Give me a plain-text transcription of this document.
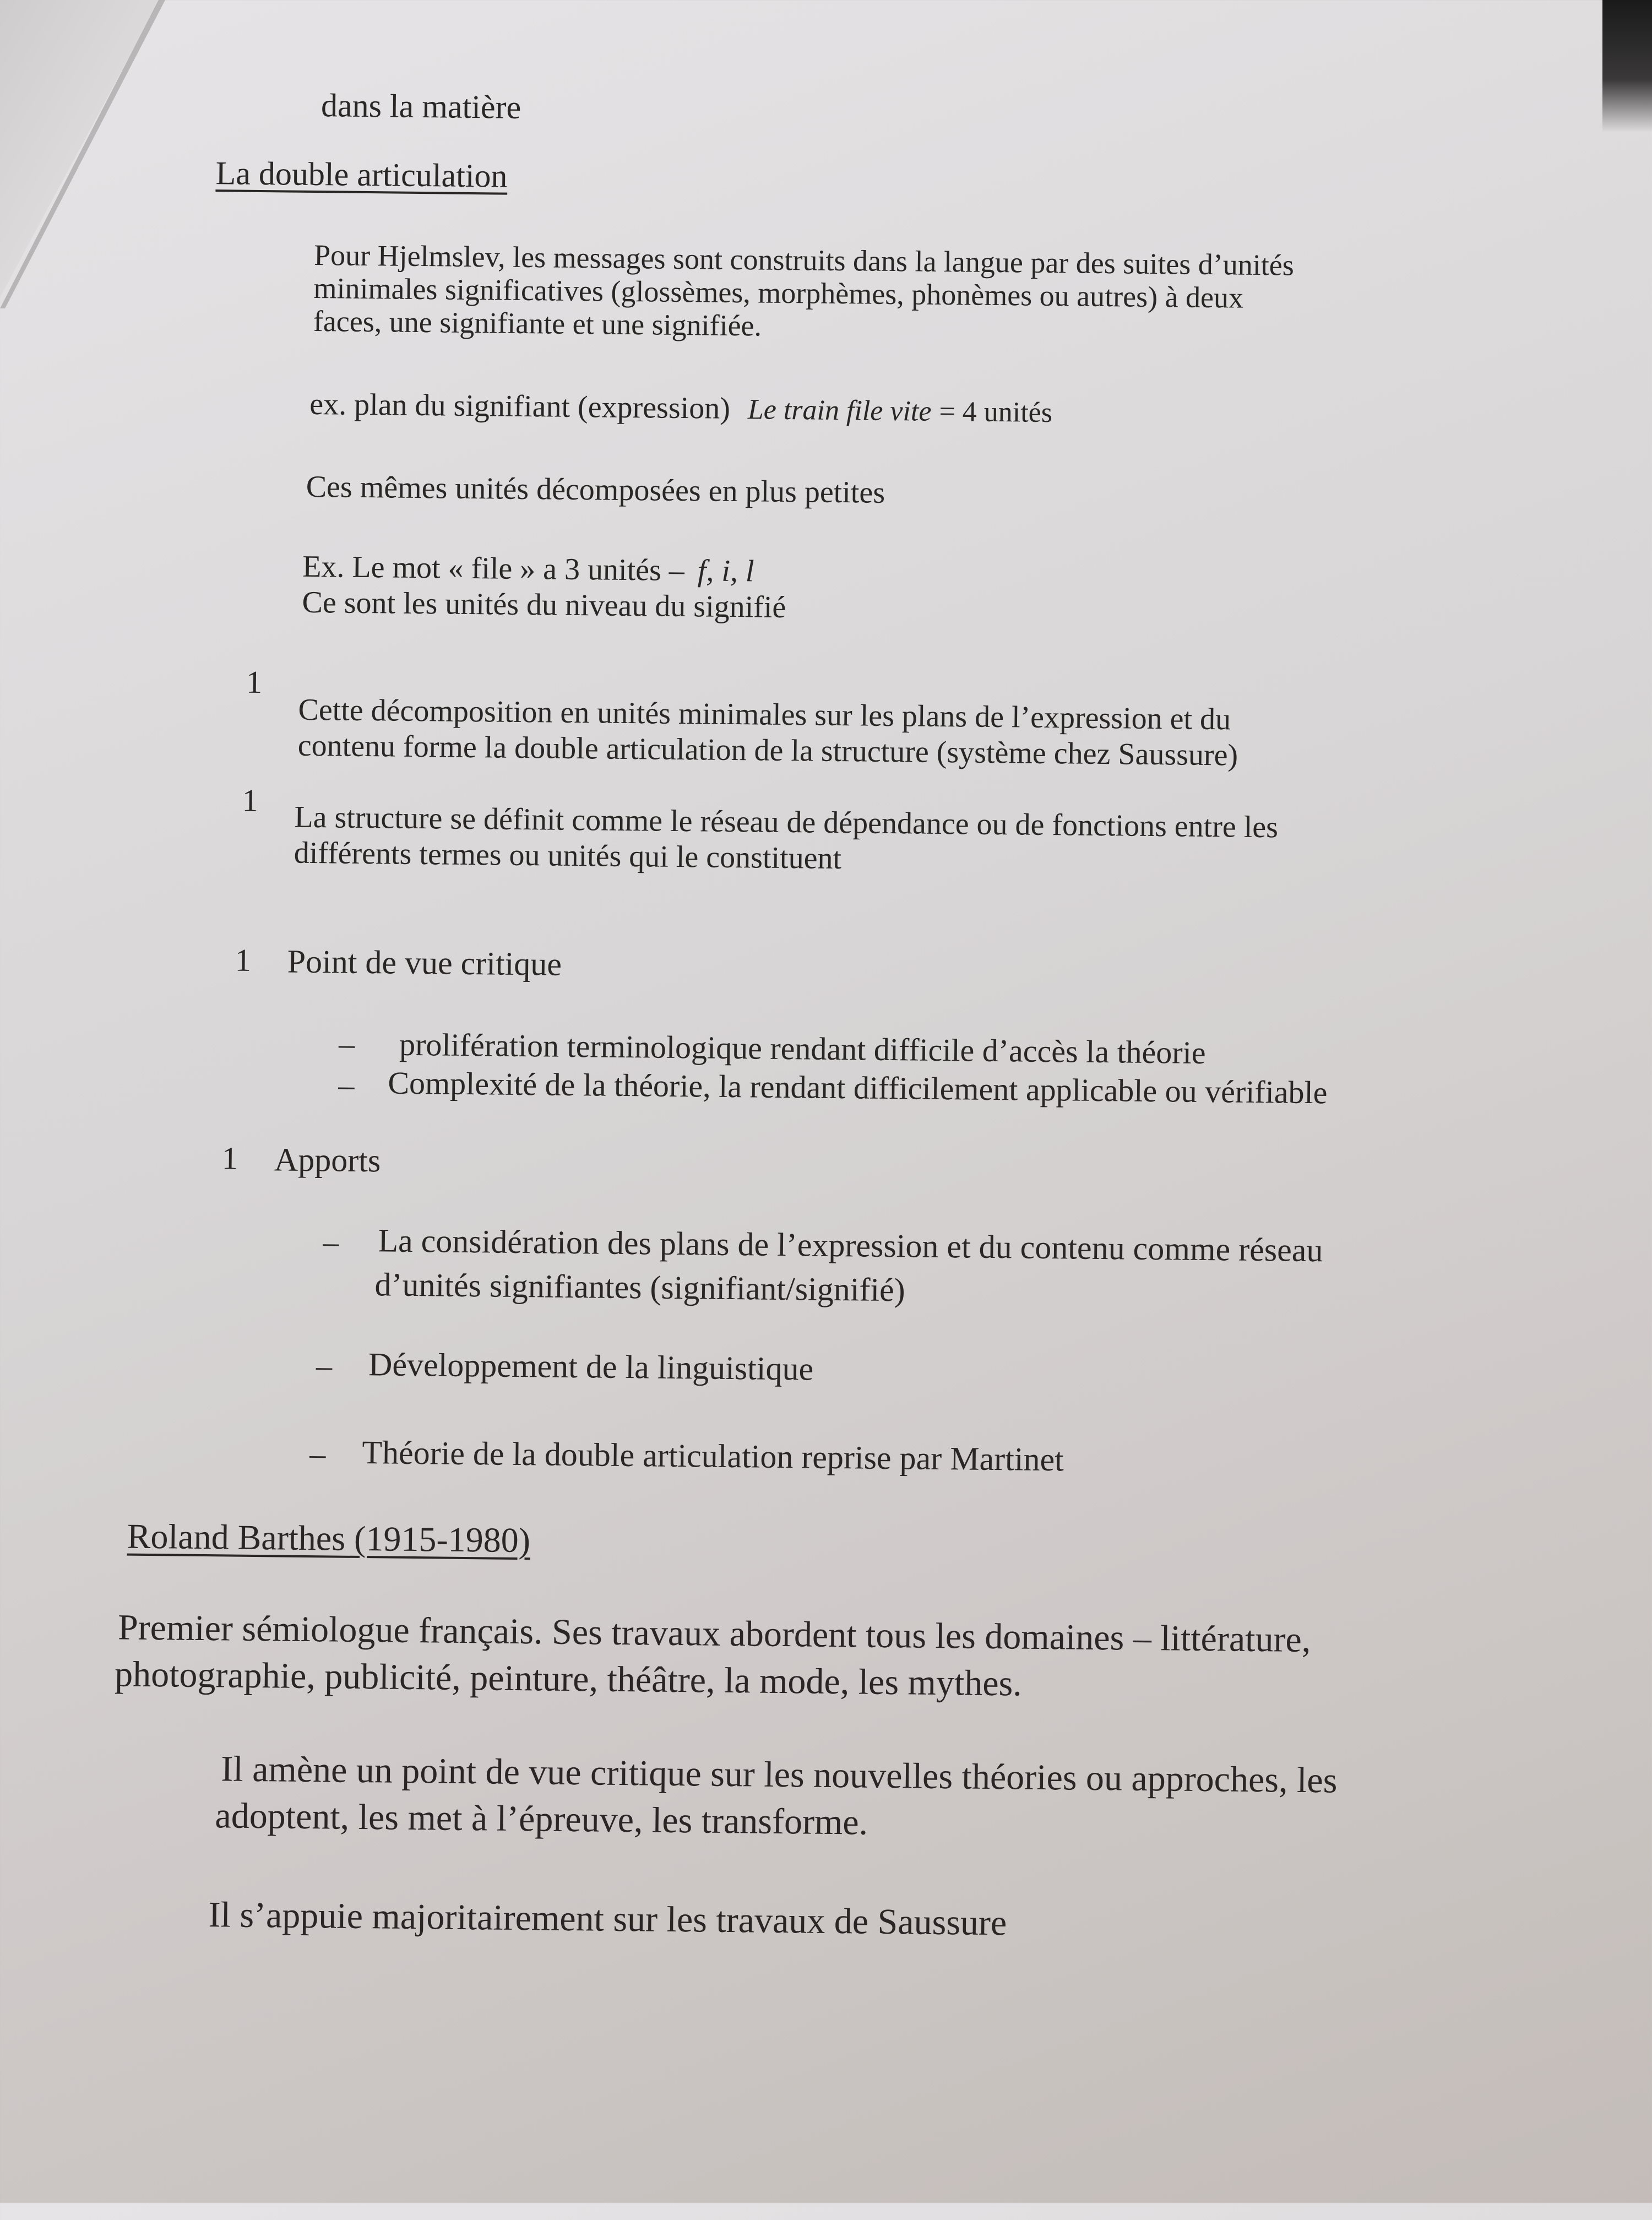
dans la matière
La double articulation
Pour Hjelmslev, les messages sont construits dans la langue par des suites d’unités
minimales significatives (glossèmes, morphèmes, phonèmes ou autres) à deux
faces, une signifiante et une signifiée.
ex. plan du signifiant (expression) Le train file vite = 4 unités
Ces mêmes unités décomposées en plus petites
Ex. Le mot « file » a 3 unités – f, i, l
Ce sont les unités du niveau du signifié
1
Cette décomposition en unités minimales sur les plans de l’expression et du
contenu forme la double articulation de la structure (système chez Saussure)
1 La structure se définit comme le réseau de dépendance ou de fonctions entre les
différents termes ou unités qui le constituent
1 Point de vue critique
– prolifération terminologique rendant difficile d’accès la théorie
– Complexité de la théorie, la rendant difficilement applicable ou vérifiable
1 Apports
– La considération des plans de l’expression et du contenu comme réseau
d’unités signifiantes (signifiant/signifié)
– Développement de la linguistique
– Théorie de la double articulation reprise par Martinet
Roland Barthes (1915-1980)
Premier sémiologue français. Ses travaux abordent tous les domaines – littérature,
photographie, publicité, peinture, théâtre, la mode, les mythes.
Il amène un point de vue critique sur les nouvelles théories ou approches, les
adoptent, les met à l’épreuve, les transforme.
Il s’appuie majoritairement sur les travaux de Saussure
